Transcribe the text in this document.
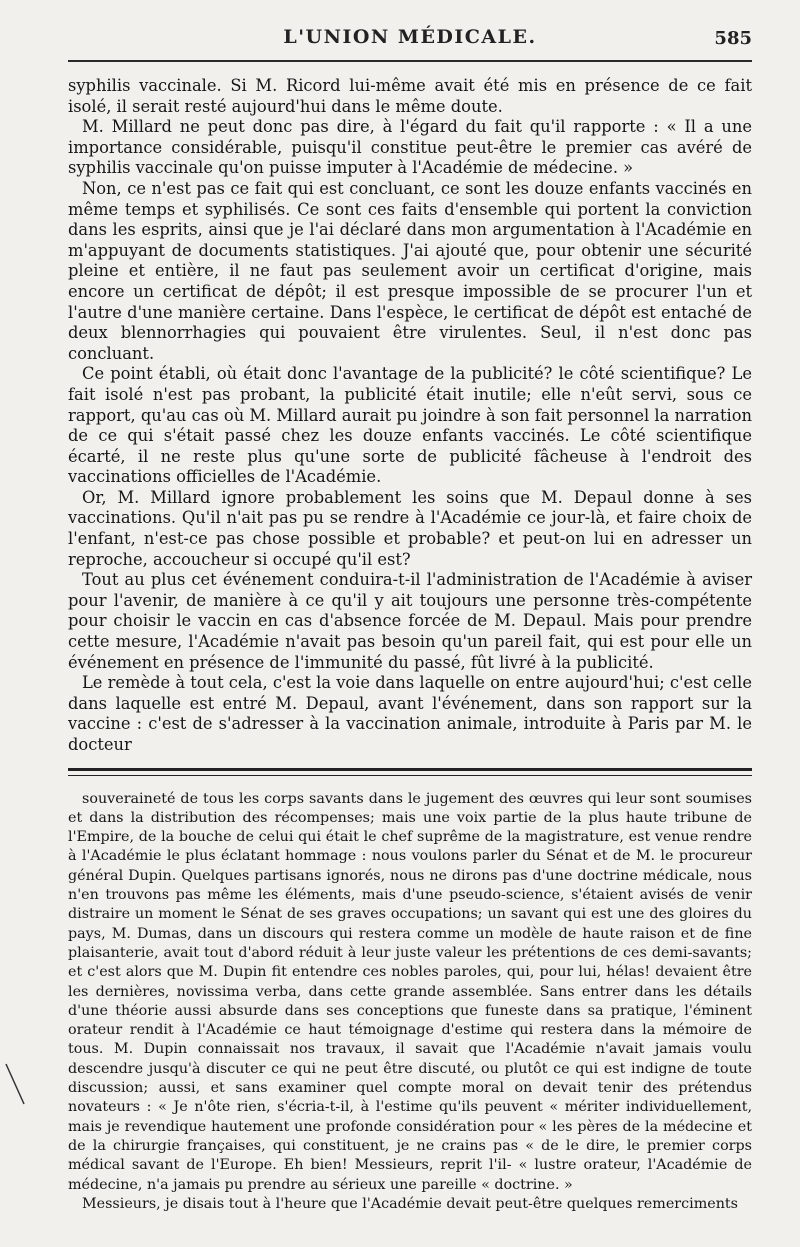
L'UNION MÉDICALE.	585

syphilis vaccinale. Si M. Ricord lui-même avait été mis en présence de ce fait isolé, il serait resté aujourd'hui dans le même doute.

M. Millard ne peut donc pas dire, à l'égard du fait qu'il rapporte : « Il a une importance considérable, puisqu'il constitue peut-être le premier cas avéré de syphilis vaccinale qu'on puisse imputer à l'Académie de médecine. »

Non, ce n'est pas ce fait qui est concluant, ce sont les douze enfants vaccinés en même temps et syphilisés. Ce sont ces faits d'ensemble qui portent la conviction dans les esprits, ainsi que je l'ai déclaré dans mon argumentation à l'Académie en m'appuyant de documents statistiques. J'ai ajouté que, pour obtenir une sécurité pleine et entière, il ne faut pas seulement avoir un certificat d'origine, mais encore un certificat de dépôt; il est presque impossible de se procurer l'un et l'autre d'une manière certaine. Dans l'espèce, le certificat de dépôt est entaché de deux blennorrhagies qui pouvaient être virulentes. Seul, il n'est donc pas concluant.

Ce point établi, où était donc l'avantage de la publicité? le côté scientifique? Le fait isolé n'est pas probant, la publicité était inutile; elle n'eût servi, sous ce rapport, qu'au cas où M. Millard aurait pu joindre à son fait personnel la narration de ce qui s'était passé chez les douze enfants vaccinés. Le côté scientifique écarté, il ne reste plus qu'une sorte de publicité fâcheuse à l'endroit des vaccinations officielles de l'Académie.

Or, M. Millard ignore probablement les soins que M. Depaul donne à ses vaccinations. Qu'il n'ait pas pu se rendre à l'Académie ce jour-là, et faire choix de l'enfant, n'est-ce pas chose possible et probable? et peut-on lui en adresser un reproche, accoucheur si occupé qu'il est?

Tout au plus cet événement conduira-t-il l'administration de l'Académie à aviser pour l'avenir, de manière à ce qu'il y ait toujours une personne très-compétente pour choisir le vaccin en cas d'absence forcée de M. Depaul. Mais pour prendre cette mesure, l'Académie n'avait pas besoin qu'un pareil fait, qui est pour elle un événement en présence de l'immunité du passé, fût livré à la publicité.

Le remède à tout cela, c'est la voie dans laquelle on entre aujourd'hui; c'est celle dans laquelle est entré M. Depaul, avant l'événement, dans son rapport sur la vaccine : c'est de s'adresser à la vaccination animale, introduite à Paris par M. le docteur

souveraineté de tous les corps savants dans le jugement des œuvres qui leur sont soumises et dans la distribution des récompenses; mais une voix partie de la plus haute tribune de l'Empire, de la bouche de celui qui était le chef suprême de la magistrature, est venue rendre à l'Académie le plus éclatant hommage : nous voulons parler du Sénat et de M. le procureur général Dupin. Quelques partisans ignorés, nous ne dirons pas d'une doctrine médicale, nous n'en trouvons pas même les éléments, mais d'une pseudo-science, s'étaient avisés de venir distraire un moment le Sénat de ses graves occupations; un savant qui est une des gloires du pays, M. Dumas, dans un discours qui restera comme un modèle de haute raison et de fine plaisanterie, avait tout d'abord réduit à leur juste valeur les prétentions de ces demi-savants; et c'est alors que M. Dupin fit entendre ces nobles paroles, qui, pour lui, hélas! devaient être les dernières, novissima verba, dans cette grande assemblée. Sans entrer dans les détails d'une théorie aussi absurde dans ses conceptions que funeste dans sa pratique, l'éminent orateur rendit à l'Académie ce haut témoignage d'estime qui restera dans la mémoire de tous. M. Dupin connaissait nos travaux, il savait que l'Académie n'avait jamais voulu descendre jusqu'à discuter ce qui ne peut être discuté, ou plutôt ce qui est indigne de toute discussion; aussi, et sans examiner quel compte moral on devait tenir des prétendus novateurs : « Je n'ôte rien, s'écria-t-il, à l'estime qu'ils peuvent « mériter individuellement, mais je revendique hautement une profonde considération pour « les pères de la médecine et de la chirurgie françaises, qui constituent, je ne crains pas « de le dire, le premier corps médical savant de l'Europe. Eh bien! Messieurs, reprit l'il- « lustre orateur, l'Académie de médecine, n'a jamais pu prendre au sérieux une pareille « doctrine. »

Messieurs, je disais tout à l'heure que l'Académie devait peut-être quelques remerciments
